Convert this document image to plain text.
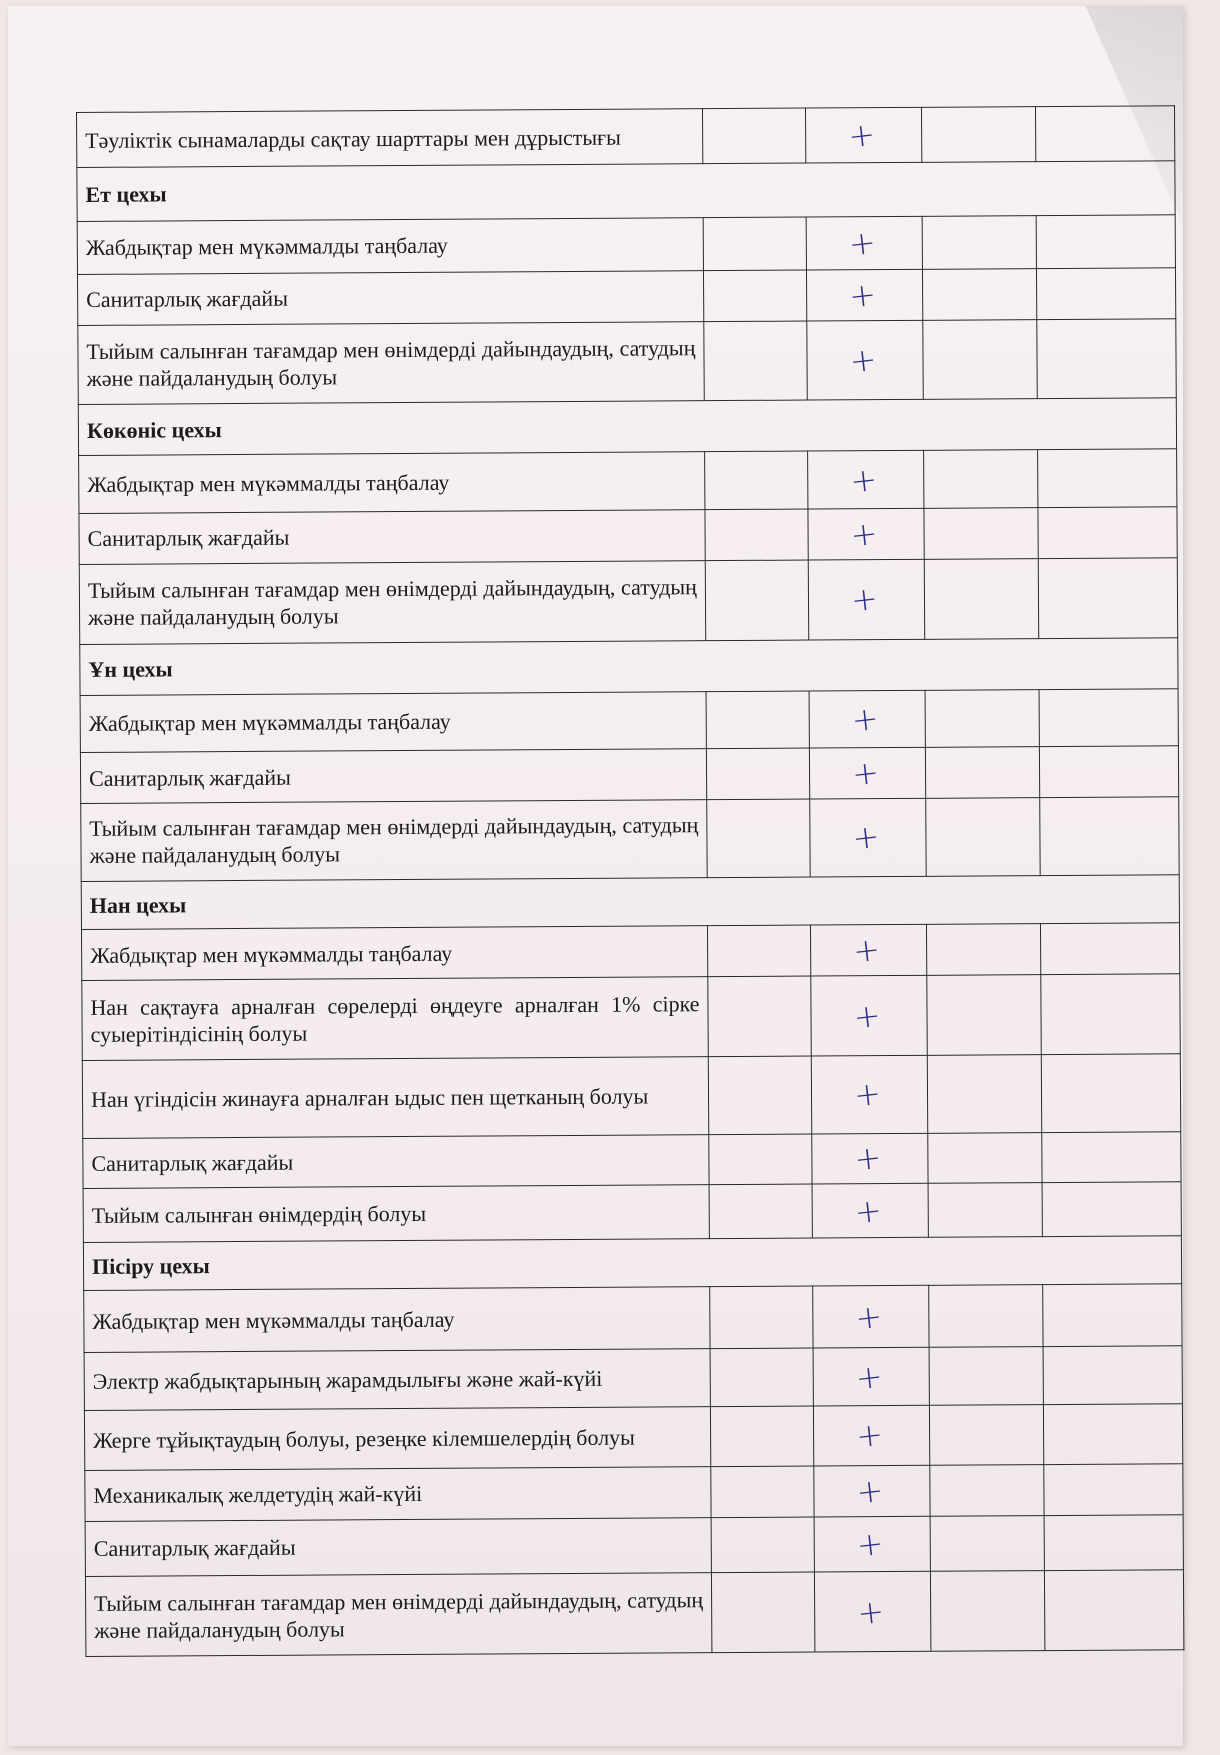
Тәуліктік сынамаларды сақтау шарттары мен дұрыстығы		+		

Ет цехы				
Жабдықтар мен мүкәммалды таңбалау		+		

Санитарлық жағдайы		+		

Тыйым салынған тағамдар мен өнімдерді дайындаудың, сатудың және пайдаланудың болуы		+		

Көкөніс цехы				
Жабдықтар мен мүкәммалды таңбалау		+		

Санитарлық жағдайы		+		

Тыйым салынған тағамдар мен өнімдерді дайындаудың, сатудың және пайдаланудың болуы		+		

Ұн цехы				
Жабдықтар мен мүкәммалды таңбалау		+		

Санитарлық жағдайы		+		

Тыйым салынған тағамдар мен өнімдерді дайындаудың, сатудың және пайдаланудың болуы		+		

Нан цехы				
Жабдықтар мен мүкәммалды таңбалау		+		

Нан сақтауға арналған сөрелерді өңдеуге арналған 1% сірке суыерітіндісінің болуы		+		

Нан үгіндісін жинауға арналған ыдыс пен щетканың болуы		+		

Санитарлық жағдайы		+		

Тыйым салынған өнімдердің болуы		+		

Пісіру цехы				
Жабдықтар мен мүкәммалды таңбалау		+		

Электр жабдықтарының жарамдылығы және жай-күйі		+		

Жерге тұйықтаудың болуы, резеңке кілемшелердің болуы		+		

Механикалық желдетудің жай-күйі		+		

Санитарлық жағдайы		+		

Тыйым салынған тағамдар мен өнімдерді дайындаудың, сатудың және пайдаланудың болуы		+		
